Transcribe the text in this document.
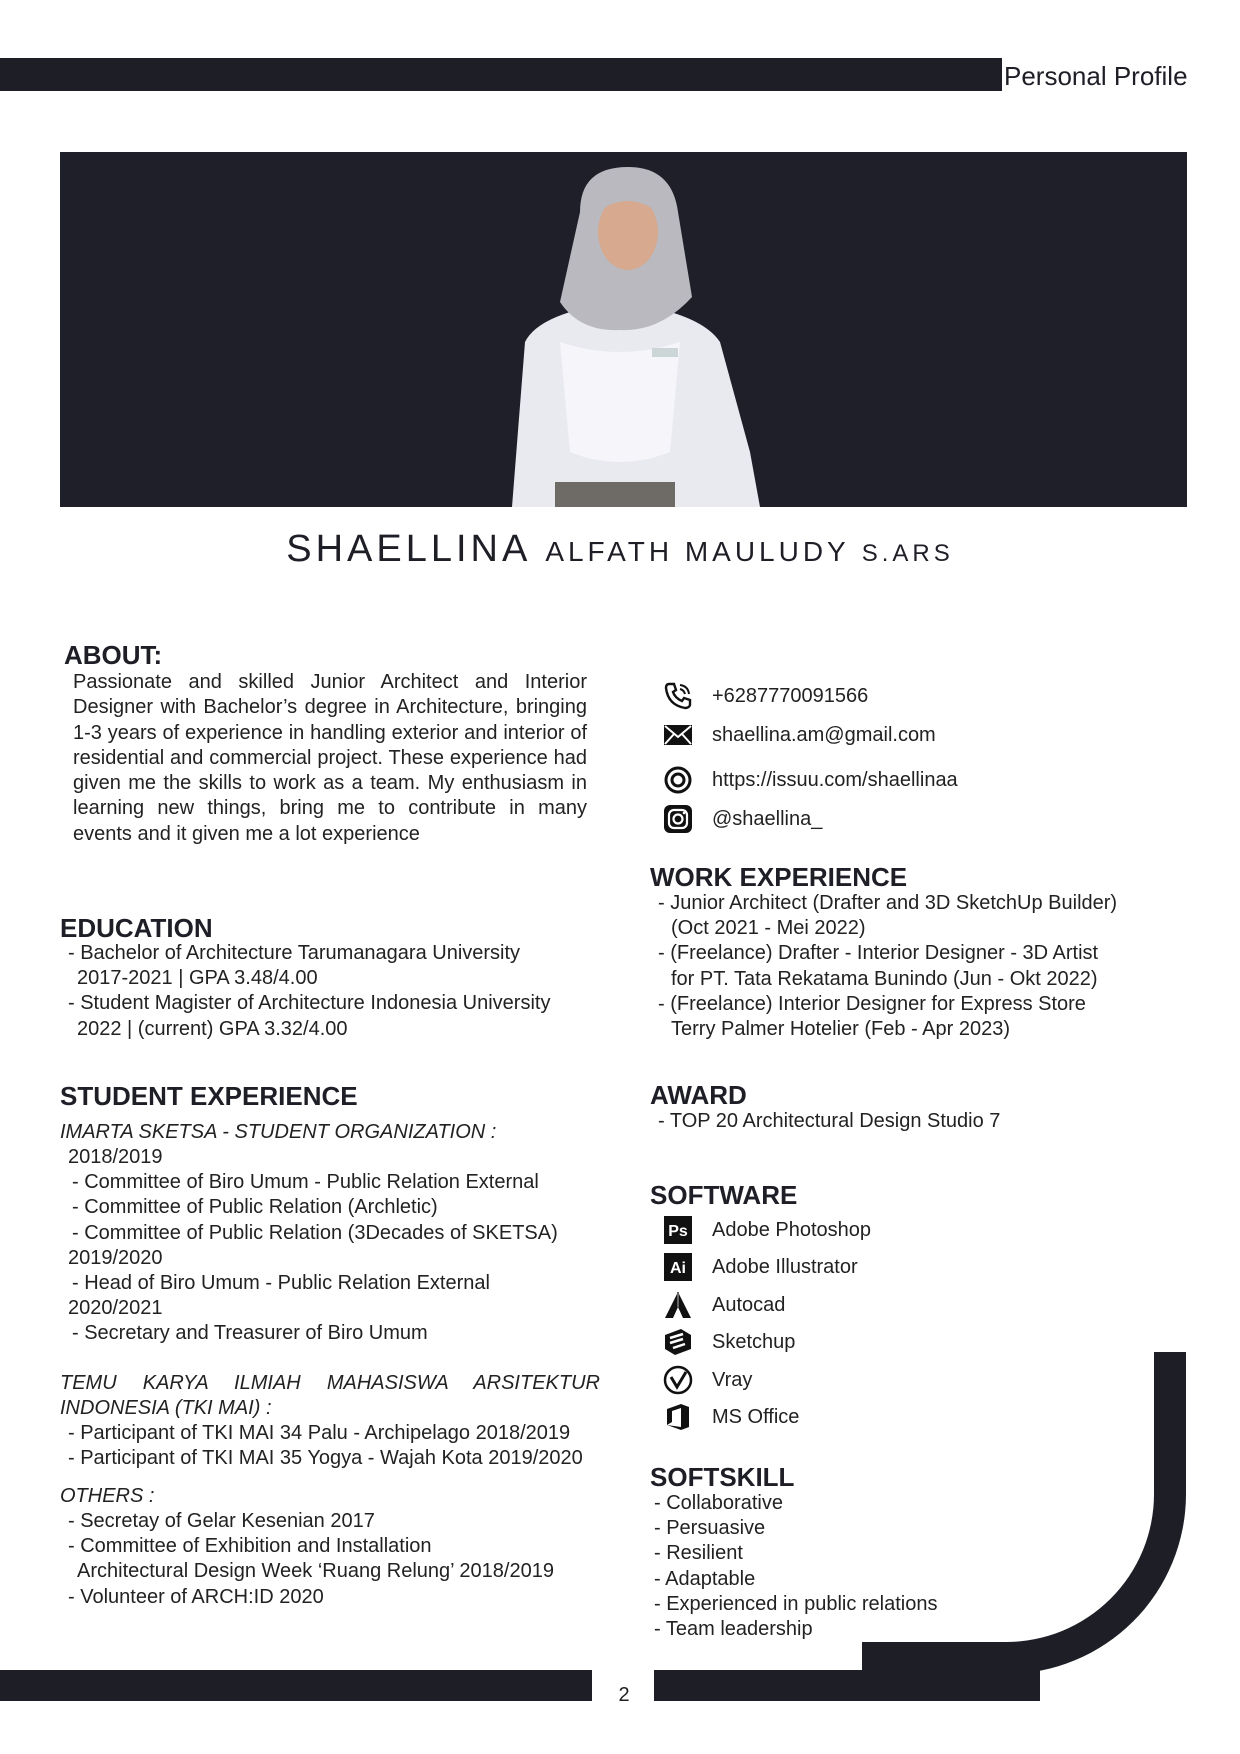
Personal Profile
SHAELLINA ALFATH MAULUDY S.ARS
ABOUT:
Passionate and skilled Junior Architect and Interior Designer with Bachelor’s degree in Architecture, bringing 1-3 years of experience in handling exterior and interior of residential and commercial project. These experience had given me the skills to work as a team. My enthusiasm in learning new things, bring me to contribute in many events and it given me a lot experience
EDUCATION
- Bachelor of Architecture Tarumanagara University
2017-2021 | GPA 3.48/4.00
- Student Magister of Architecture Indonesia University
2022 | (current) GPA 3.32/4.00
STUDENT EXPERIENCE
IMARTA SKETSA - STUDENT ORGANIZATION :
2018/2019
- Committee of Biro Umum - Public Relation External
- Committee of Public Relation (Archletic)
- Committee of Public Relation (3Decades of SKETSA)
2019/2020
- Head of Biro Umum - Public Relation External
2020/2021
- Secretary and Treasurer of Biro Umum
TEMU KARYA ILMIAH MAHASISWA ARSITEKTUR
INDONESIA (TKI MAI) :
- Participant of TKI MAI 34 Palu - Archipelago 2018/2019
- Participant of TKI MAI 35 Yogya - Wajah Kota 2019/2020
OTHERS :
- Secretay of Gelar Kesenian 2017
- Committee of Exhibition and Installation
Architectural Design Week ‘Ruang Relung’ 2018/2019
- Volunteer of ARCH:ID 2020
+6287770091566
shaellina.am@gmail.com
https://issuu.com/shaellinaa
@shaellina_
WORK EXPERIENCE
- Junior Architect (Drafter and 3D SketchUp Builder)
(Oct 2021 - Mei 2022)
- (Freelance) Drafter - Interior Designer - 3D Artist
for PT. Tata Rekatama Bunindo (Jun - Okt 2022)
- (Freelance) Interior Designer for Express Store
Terry Palmer Hotelier (Feb - Apr 2023)
AWARD
- TOP 20 Architectural Design Studio 7
SOFTWARE
Ps Adobe Photoshop
Ai Adobe Illustrator
Autocad
Sketchup
Vray
MS Office
SOFTSKILL
- Collaborative
- Persuasive
- Resilient
- Adaptable
- Experienced in public relations
- Team leadership
2
